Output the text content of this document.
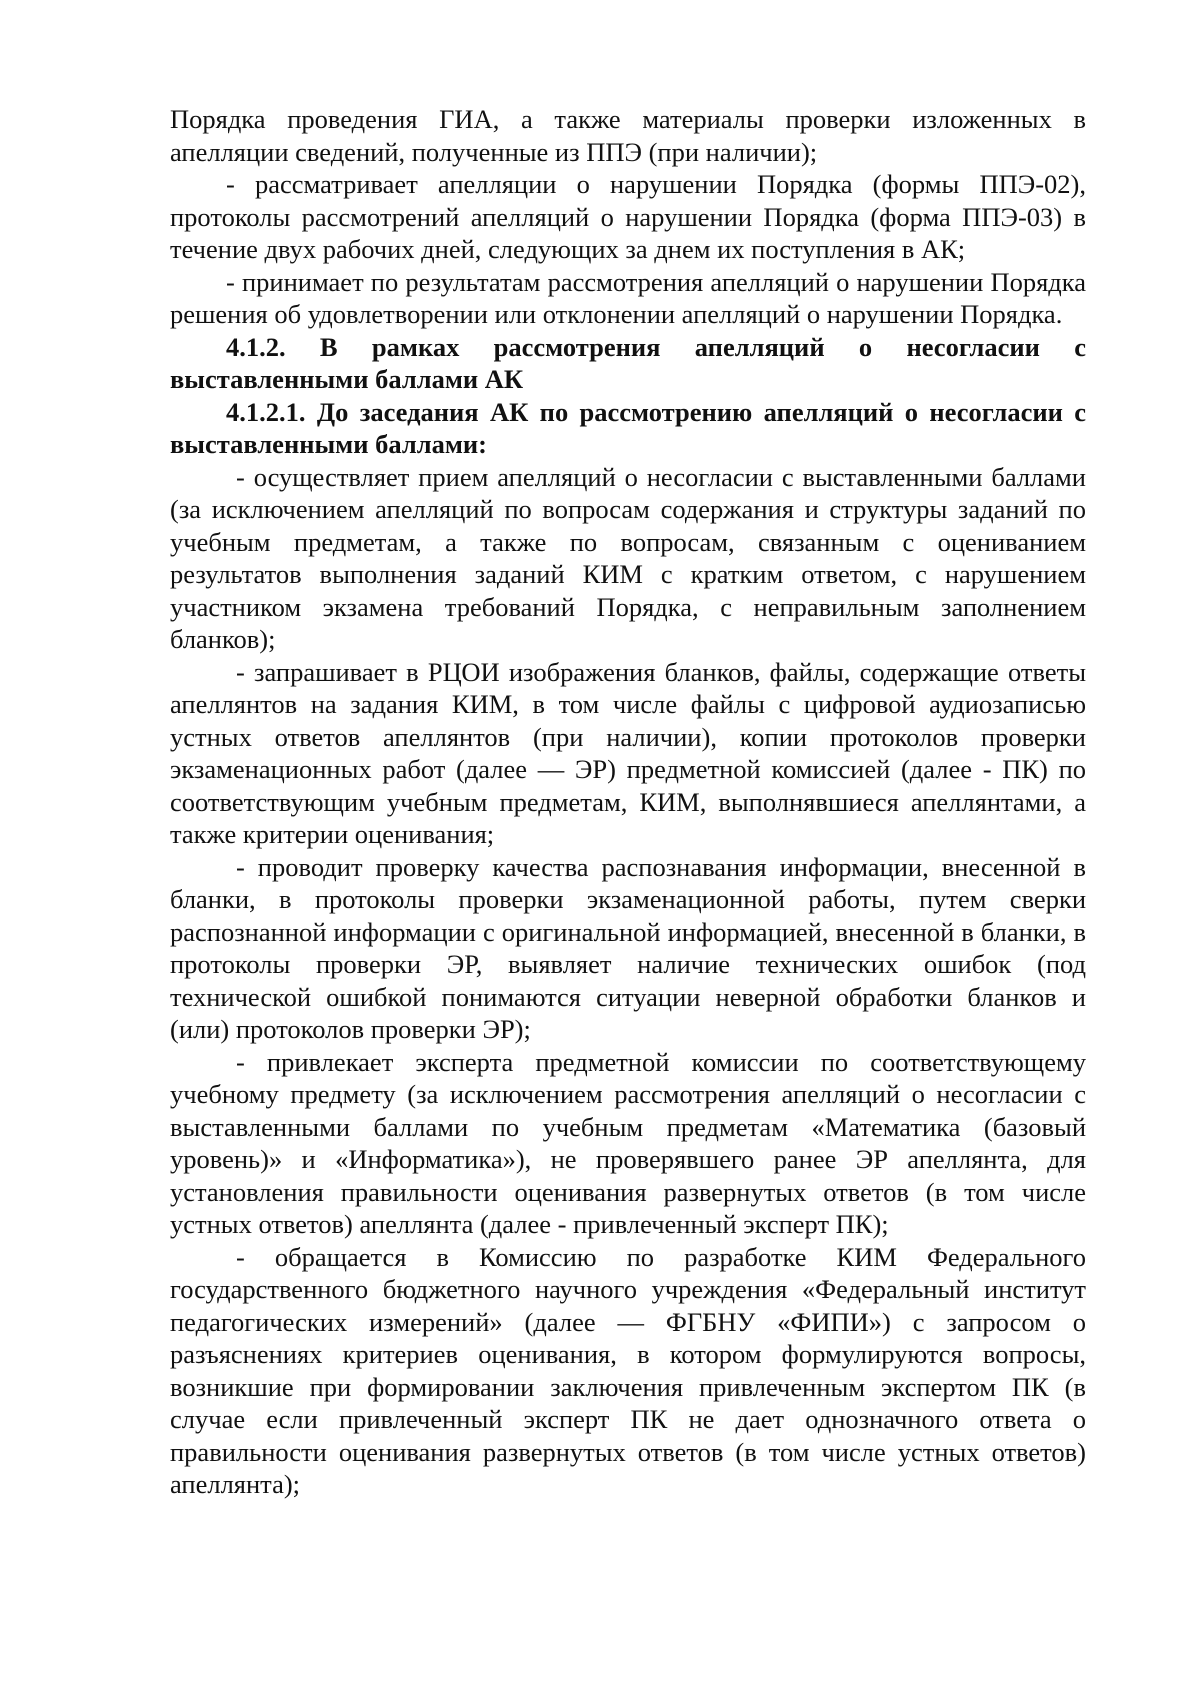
Порядка проведения ГИА, а также материалы проверки изложенных в апелляции сведений, полученные из ППЭ (при наличии);

- рассматривает апелляции о нарушении Порядка (формы ППЭ-02), протоколы рассмотрений апелляций о нарушении Порядка (форма ППЭ-03) в течение двух рабочих дней, следующих за днем их поступления в АК;

- принимает по результатам рассмотрения апелляций о нарушении Порядка решения об удовлетворении или отклонении апелляций о нарушении Порядка.

4.1.2. В рамках рассмотрения апелляций о несогласии с выставленными баллами АК

4.1.2.1. До заседания АК по рассмотрению апелляций о несогласии с выставленными баллами:

- осуществляет прием апелляций о несогласии с выставленными баллами (за исключением апелляций по вопросам содержания и структуры заданий по учебным предметам, а также по вопросам, связанным с оцениванием результатов выполнения заданий КИМ с кратким ответом, с нарушением участником экзамена требований Порядка, с неправильным заполнением бланков);

- запрашивает в РЦОИ изображения бланков, файлы, содержащие ответы апеллянтов на задания КИМ, в том числе файлы с цифровой аудиозаписью устных ответов апеллянтов (при наличии), копии протоколов проверки экзаменационных работ (далее — ЭР) предметной комиссией (далее - ПК) по соответствующим учебным предметам, КИМ, выполнявшиеся апеллянтами, а также критерии оценивания;

- проводит проверку качества распознавания информации, внесенной в бланки, в протоколы проверки экзаменационной работы, путем сверки распознанной информации с оригинальной информацией, внесенной в бланки, в протоколы проверки ЭР, выявляет наличие технических ошибок (под технической ошибкой понимаются ситуации неверной обработки бланков и (или) протоколов проверки ЭР);

- привлекает эксперта предметной комиссии по соответствующему учебному предмету (за исключением рассмотрения апелляций о несогласии с выставленными баллами по учебным предметам «Математика (базовый уровень)» и «Информатика»), не проверявшего ранее ЭР апеллянта, для установления правильности оценивания развернутых ответов (в том числе устных ответов) апеллянта (далее - привлеченный эксперт ПК);

- обращается в Комиссию по разработке КИМ Федерального государственного бюджетного научного учреждения «Федеральный институт педагогических измерений» (далее — ФГБНУ «ФИПИ») с запросом о разъяснениях критериев оценивания, в котором формулируются вопросы, возникшие при формировании заключения привлеченным экспертом ПК (в случае если привлеченный эксперт ПК не дает однозначного ответа о правильности оценивания развернутых ответов (в том числе устных ответов) апеллянта);
